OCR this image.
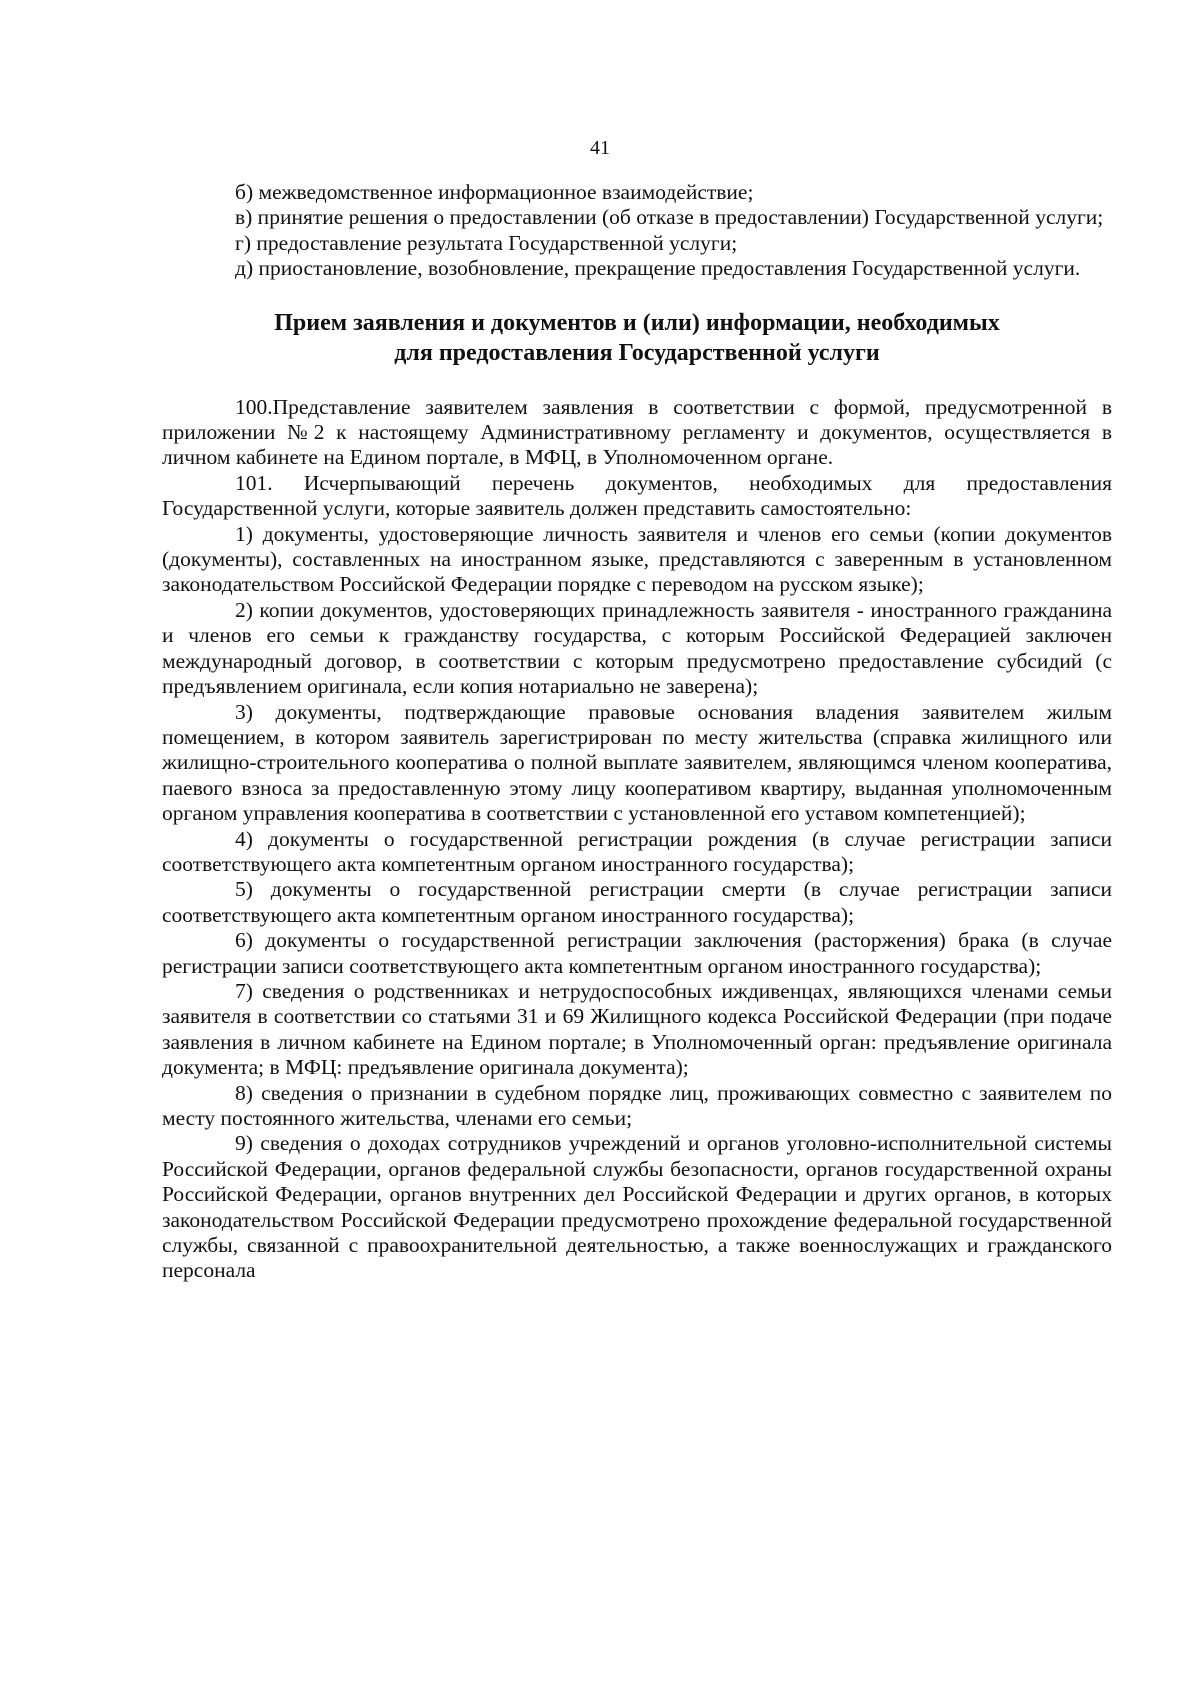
41

б) межведомственное информационное взаимодействие;

в) принятие решения о предоставлении (об отказе в предоставлении) Государственной услуги;

г) предоставление результата Государственной услуги;

д) приостановление, возобновление, прекращение предоставления Государственной услуги.

Прием заявления и документов и (или) информации, необходимых
для предоставления Государственной услуги

100.Представление заявителем заявления в соответствии с формой, предусмотренной в приложении №2 к настоящему Административному регламенту и документов, осуществляется в личном кабинете на Едином портале, в МФЦ, в Уполномоченном органе.

101. Исчерпывающий перечень документов, необходимых для предоставления Государственной услуги, которые заявитель должен представить самостоятельно:

1) документы, удостоверяющие личность заявителя и членов его семьи (копии документов (документы), составленных на иностранном языке, представляются с заверенным в установленном законодательством Российской Федерации порядке с переводом на русском языке);

2) копии документов, удостоверяющих принадлежность заявителя - иностранного гражданина и членов его семьи к гражданству государства, с которым Российской Федерацией заключен международный договор, в соответствии с которым предусмотрено предоставление субсидий (с предъявлением оригинала, если копия нотариально не заверена);

3) документы, подтверждающие правовые основания владения заявителем жилым помещением, в котором заявитель зарегистрирован по месту жительства (справка жилищного или жилищно-строительного кооператива о полной выплате заявителем, являющимся членом кооператива, паевого взноса за предоставленную этому лицу кооперативом квартиру, выданная уполномоченным органом управления кооператива в соответствии с установленной его уставом компетенцией);

4) документы о государственной регистрации рождения (в случае регистрации записи соответствующего акта компетентным органом иностранного государства);

5) документы о государственной регистрации смерти (в случае регистрации записи соответствующего акта компетентным органом иностранного государства);

6) документы о государственной регистрации заключения (расторжения) брака (в случае регистрации записи соответствующего акта компетентным органом иностранного государства);

7) сведения о родственниках и нетрудоспособных иждивенцах, являющихся членами семьи заявителя в соответствии со статьями 31 и 69 Жилищного кодекса Российской Федерации (при подаче заявления в личном кабинете на Едином портале; в Уполномоченный орган: предъявление оригинала документа; в МФЦ: предъявление оригинала документа);

8) сведения о признании в судебном порядке лиц, проживающих совместно с заявителем по месту постоянного жительства, членами его семьи;

9) сведения о доходах сотрудников учреждений и органов уголовно-исполнительной системы Российской Федерации, органов федеральной службы безопасности, органов государственной охраны Российской Федерации, органов внутренних дел Российской Федерации и других органов, в которых законодательством Российской Федерации предусмотрено прохождение федеральной государственной службы, связанной с правоохранительной деятельностью, а также военнослужащих и гражданского персонала
